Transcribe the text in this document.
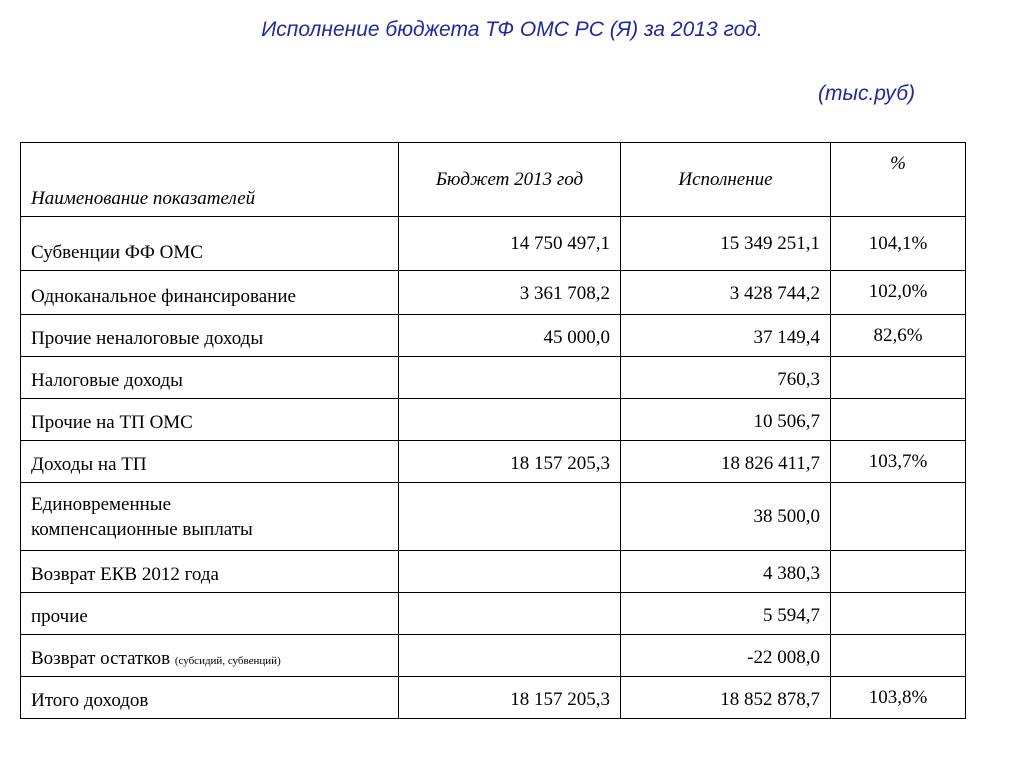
Исполнение бюджета ТФ ОМС РС (Я) за 2013 год.
(тыс.руб)
Наименование показателей	Бюджет 2013 год	Исполнение	%
Субвенции ФФ ОМС	14 750 497,1	15 349 251,1	104,1%
Одноканальное финансирование	3 361 708,2	3 428 744,2	102,0%
Прочие неналоговые доходы	45 000,0	37 149,4	82,6%
Налоговые доходы		760,3	
Прочие на ТП ОМС		10 506,7	
Доходы на ТП	18 157 205,3	18 826 411,7	103,7%

Единовременные
компенсационные выплаты		38 500,0	
Возврат ЕКВ 2012 года		4 380,3	
прочие		5 594,7	
Возврат остатков (субсидий, субвенций)		-22 008,0	
Итого доходов	18 157 205,3	18 852 878,7	103,8%
